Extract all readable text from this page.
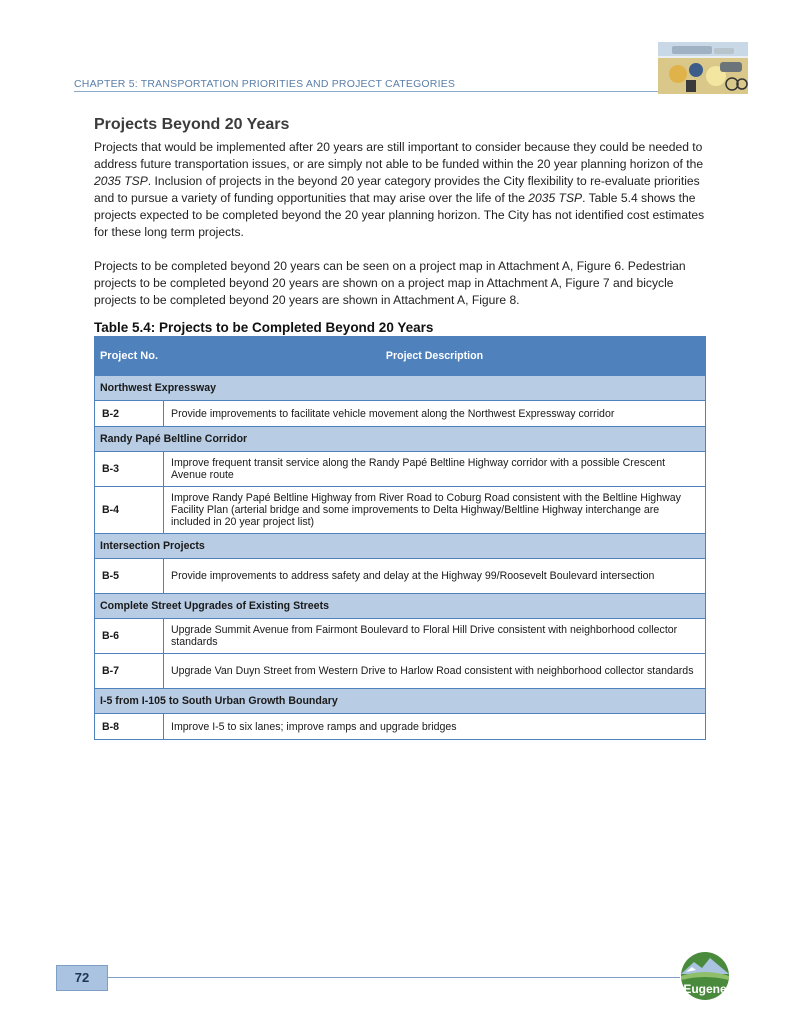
CHAPTER 5: TRANSPORTATION PRIORITIES AND PROJECT CATEGORIES
Projects Beyond 20 Years

Projects that would be implemented after 20 years are still important to consider because they could be needed to address future transportation issues, or are simply not able to be funded within the 20 year planning horizon of the 2035 TSP. Inclusion of projects in the beyond 20 year category provides the City flexibility to re-evaluate priorities and to pursue a variety of funding opportunities that may arise over the life of the 2035 TSP. Table 5.4 shows the projects expected to be completed beyond the 20 year planning horizon. The City has not identified cost estimates for these long term projects.

Projects to be completed beyond 20 years can be seen on a project map in Attachment A, Figure 6. Pedestrian projects to be completed beyond 20 years are shown on a project map in Attachment A, Figure 7 and bicycle projects to be completed beyond 20 years are shown in Attachment A, Figure 8.

Table 5.4: Projects to be Completed Beyond 20 Years
Project No.	Project Description
Northwest Expressway	
B-2	Provide improvements to facilitate vehicle movement along the Northwest Expressway corridor
Randy Papé Beltline Corridor	
B-3	Improve frequent transit service along the Randy Papé Beltline Highway corridor with a possible Crescent Avenue route
B-4	Improve Randy Papé Beltline Highway from River Road to Coburg Road consistent with the Beltline Highway Facility Plan (arterial bridge and some improvements to Delta Highway/Beltline Highway interchange are included in 20 year project list)
Intersection Projects	
B-5	Provide improvements to address safety and delay at the Highway 99/Roosevelt Boulevard intersection
Complete Street Upgrades of Existing Streets	
B-6	Upgrade Summit Avenue from Fairmont Boulevard to Floral Hill Drive consistent with neighborhood collector standards
B-7	Upgrade Van Duyn Street from Western Drive to Harlow Road consistent with neighborhood collector standards
I-5 from I-105 to South Urban Growth Boundary	
B-8	Improve I-5 to six lanes; improve ramps and upgrade bridges
72
Eugene
